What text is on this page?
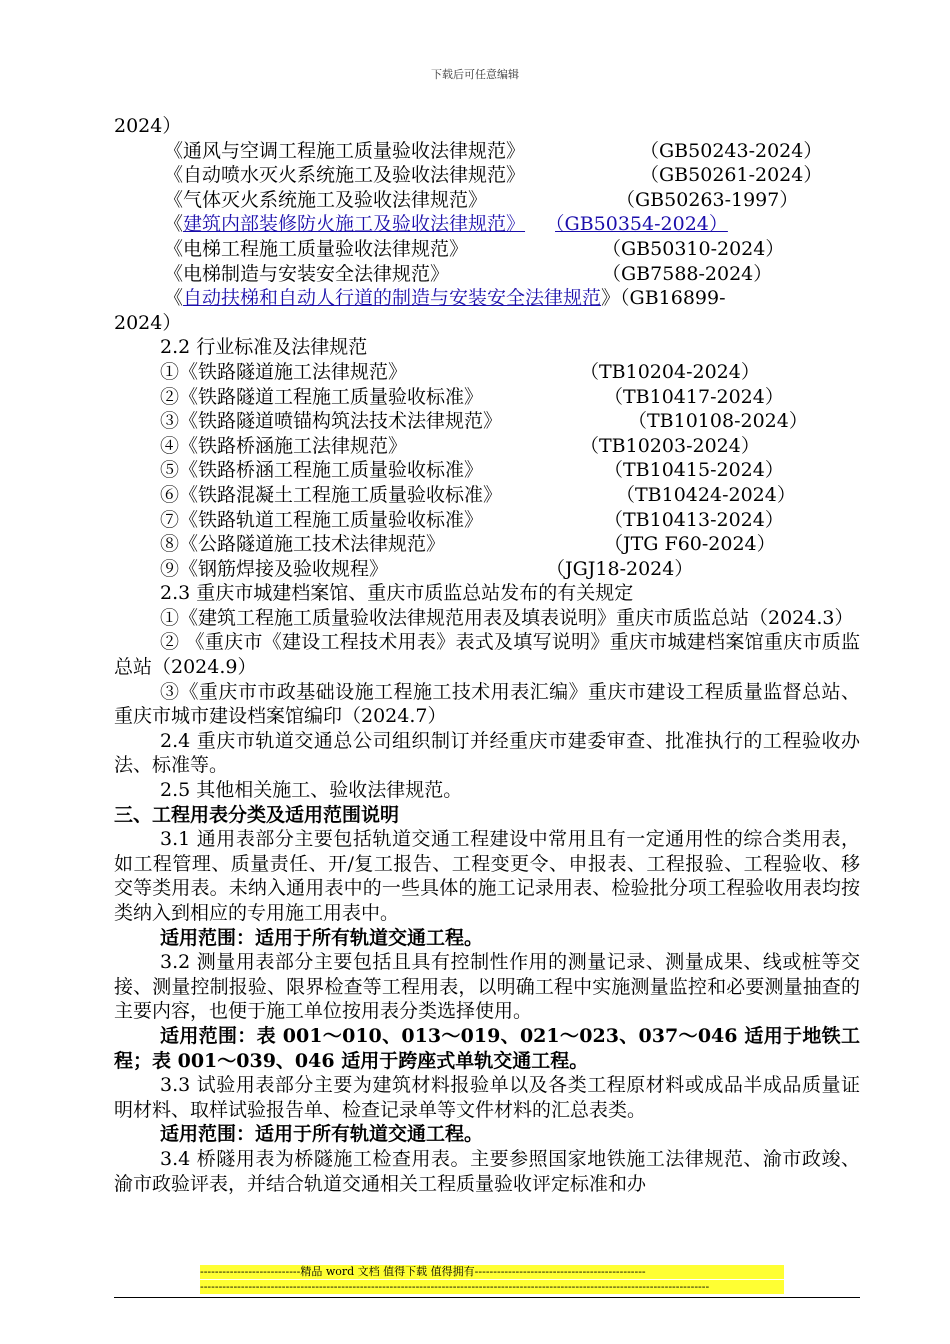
下载后可任意编辑
2024）
《通风与空调工程施工质量验收法律规范》	（GB50243-2024）
《自动喷水灭火系统施工及验收法律规范》	（GB50261-2024）
《气体灭火系统施工及验收法律规范》	（GB50263-1997）
《建筑内部装修防火施工及验收法律规范》 （GB50354-2024）
《电梯工程施工质量验收法律规范》	（GB50310-2024）
《电梯制造与安装安全法律规范》	（GB7588-2024）
《自动扶梯和自动人行道的制造与安装安全法律规范》（GB16899-
2024）
2.2 行业标准及法律规范
①《铁路隧道施工法律规范》	（TB10204-2024）
②《铁路隧道工程施工质量验收标准》	（TB10417-2024）
③《铁路隧道喷锚构筑法技术法律规范》	（TB10108-2024）
④《铁路桥涵施工法律规范》	（TB10203-2024）
⑤《铁路桥涵工程施工质量验收标准》	（TB10415-2024）
⑥《铁路混凝土工程施工质量验收标准》	（TB10424-2024）
⑦《铁路轨道工程施工质量验收标准》	（TB10413-2024）
⑧《公路隧道施工技术法律规范》	（JTG F60-2024）
⑨《钢筋焊接及验收规程》	（JGJ18-2024）
2.3 重庆市城建档案馆、重庆市质监总站发布的有关规定
①《建筑工程施工质量验收法律规范用表及填表说明》重庆市质监总站（2024.3）
② 《重庆市《建设工程技术用表》表式及填写说明》重庆市城建档案馆重庆市质监总站（2024.9）
③《重庆市市政基础设施工程施工技术用表汇编》重庆市建设工程质量监督总站、重庆市城市建设档案馆编印（2024.7）
2.4 重庆市轨道交通总公司组织制订并经重庆市建委审查、批准执行的工程验收办法、标准等。
2.5 其他相关施工、验收法律规范。
三、工程用表分类及适用范围说明
3.1 通用表部分主要包括轨道交通工程建设中常用且有一定通用性的综合类用表，如工程管理、质量责任、开/复工报告、工程变更令、申报表、工程报验、工程验收、移交等类用表。未纳入通用表中的一些具体的施工记录用表、检验批分项工程验收用表均按类纳入到相应的专用施工用表中。
适用范围：适用于所有轨道交通工程。
3.2 测量用表部分主要包括且具有控制性作用的测量记录、测量成果、线或桩等交接、测量控制报验、限界检查等工程用表，以明确工程中实施测量监控和必要测量抽查的主要内容，也便于施工单位按用表分类选择使用。
适用范围：表 001～010、013～019、021～023、037～046 适用于地铁工程；表 001～039、046 适用于跨座式单轨交通工程。
3.3 试验用表部分主要为建筑材料报验单以及各类工程原材料或成品半成品质量证明材料、取样试验报告单、检查记录单等文件材料的汇总表类。
适用范围：适用于所有轨道交通工程。
3.4 桥隧用表为桥隧施工检查用表。主要参照国家地铁施工法律规范、渝市政竣、渝市政验评表，并结合轨道交通相关工程质量验收评定标准和办
---------------------------精品 word 文档 值得下载 值得拥有----------------------------------------------
-----------------------------------------------------------------------------------------------------------------------------------------
